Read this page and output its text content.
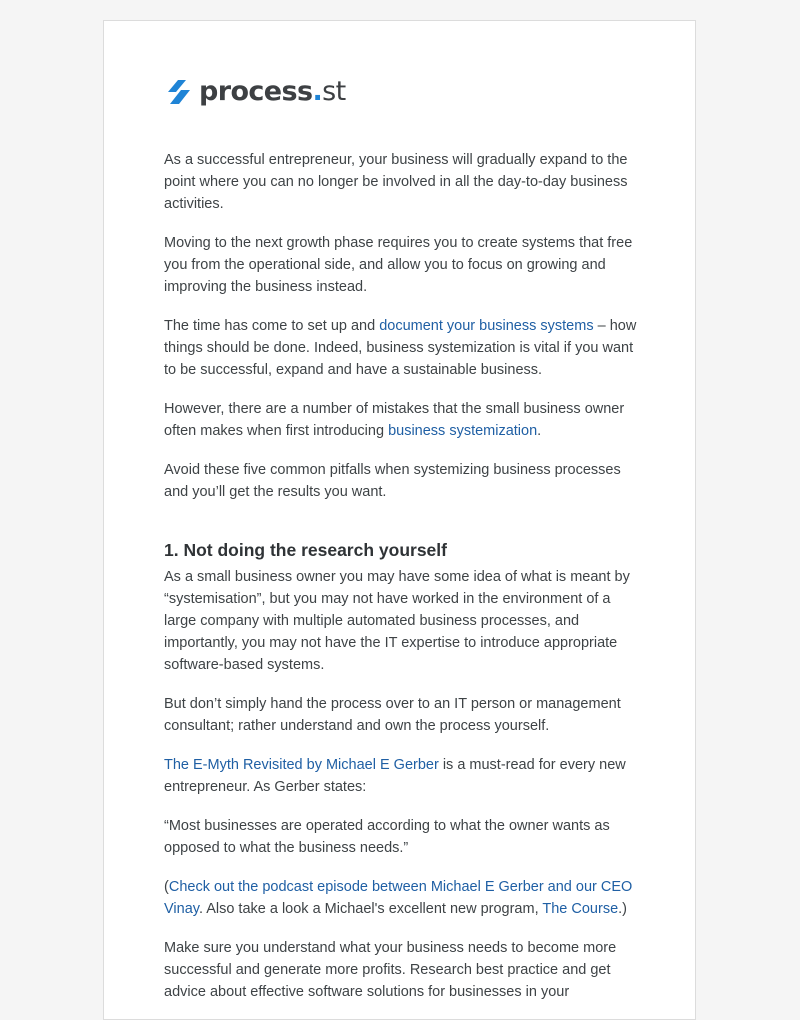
process.st

As a successful entrepreneur, your business will gradually expand to the point where you can no longer be involved in all the day-to-day business activities.

Moving to the next growth phase requires you to create systems that free you from the operational side, and allow you to focus on growing and improving the business instead.

The time has come to set up and document your business systems – how things should be done. Indeed, business systemization is vital if you want to be successful, expand and have a sustainable business.

However, there are a number of mistakes that the small business owner often makes when first introducing business systemization.

Avoid these five common pitfalls when systemizing business processes and you’ll get the results you want.

1. Not doing the research yourself

As a small business owner you may have some idea of what is meant by “systemisation”, but you may not have worked in the environment of a large company with multiple automated business processes, and importantly, you may not have the IT expertise to introduce appropriate software-based systems.

But don’t simply hand the process over to an IT person or management consultant; rather understand and own the process yourself.

The E-Myth Revisited by Michael E Gerber is a must-read for every new entrepreneur. As Gerber states:

“Most businesses are operated according to what the owner wants as opposed to what the business needs.”

(Check out the podcast episode between Michael E Gerber and our CEO Vinay. Also take a look a Michael's excellent new program, The Course.)

Make sure you understand what your business needs to become more successful and generate more profits. Research best practice and get advice about effective software solutions for businesses in your
